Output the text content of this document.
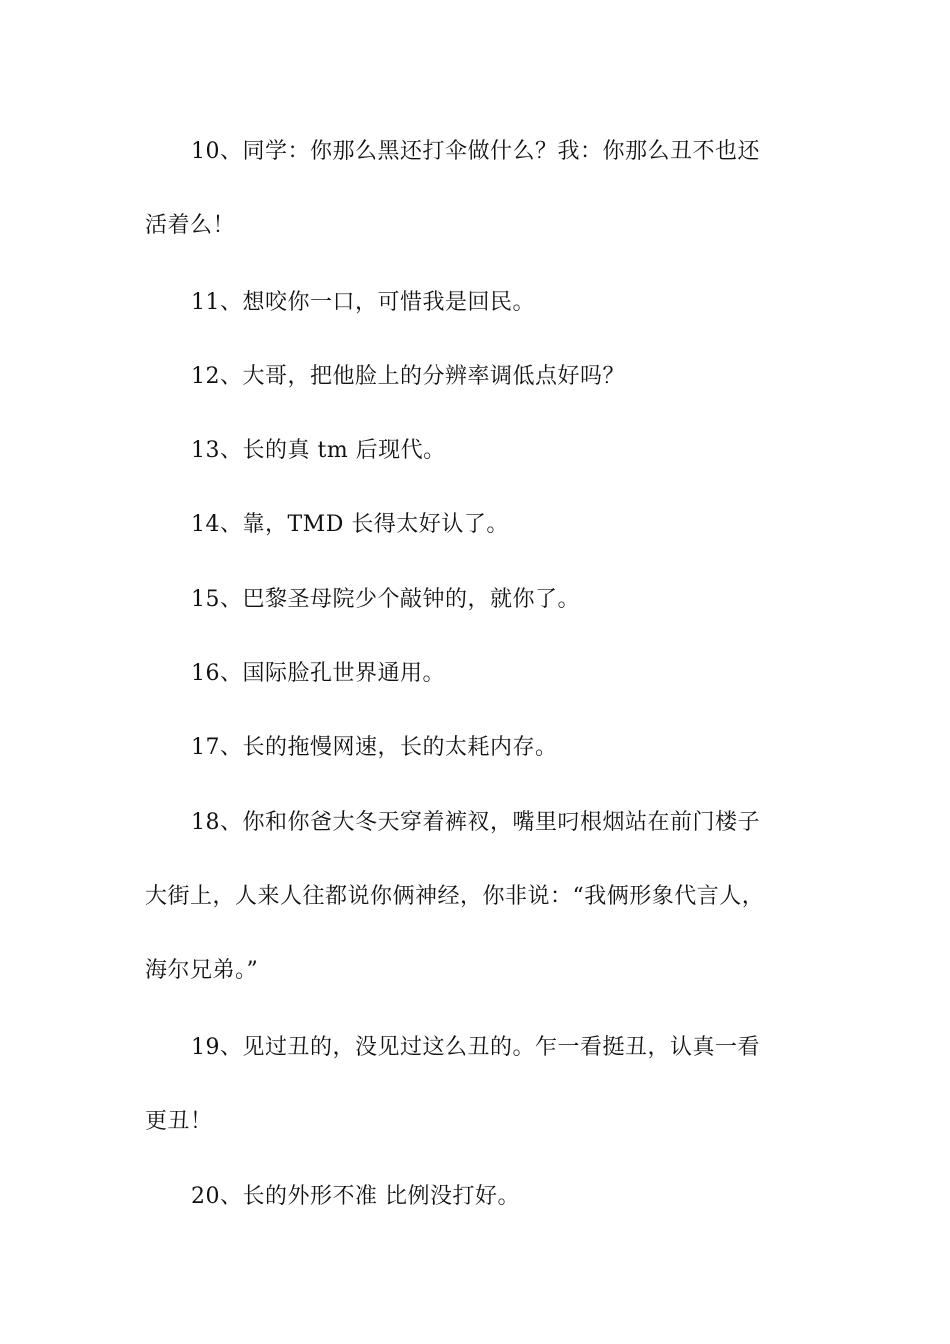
10、同学：你那么黑还打伞做什么？我：你那么丑不也还
活着么！
11、想咬你一口，可惜我是回民。
12、大哥，把他脸上的分辨率调低点好吗？
13、长的真 tm 后现代。
14、靠，TMD 长得太好认了。
15、巴黎圣母院少个敲钟的，就你了。
16、国际脸孔世界通用。
17、长的拖慢网速，长的太耗内存。
18、你和你爸大冬天穿着裤衩，嘴里叼根烟站在前门楼子
大街上，人来人往都说你俩神经，你非说：“我俩形象代言人，
海尔兄弟。”
19、见过丑的，没见过这么丑的。乍一看挺丑，认真一看
更丑！
20、长的外形不准 比例没打好。
